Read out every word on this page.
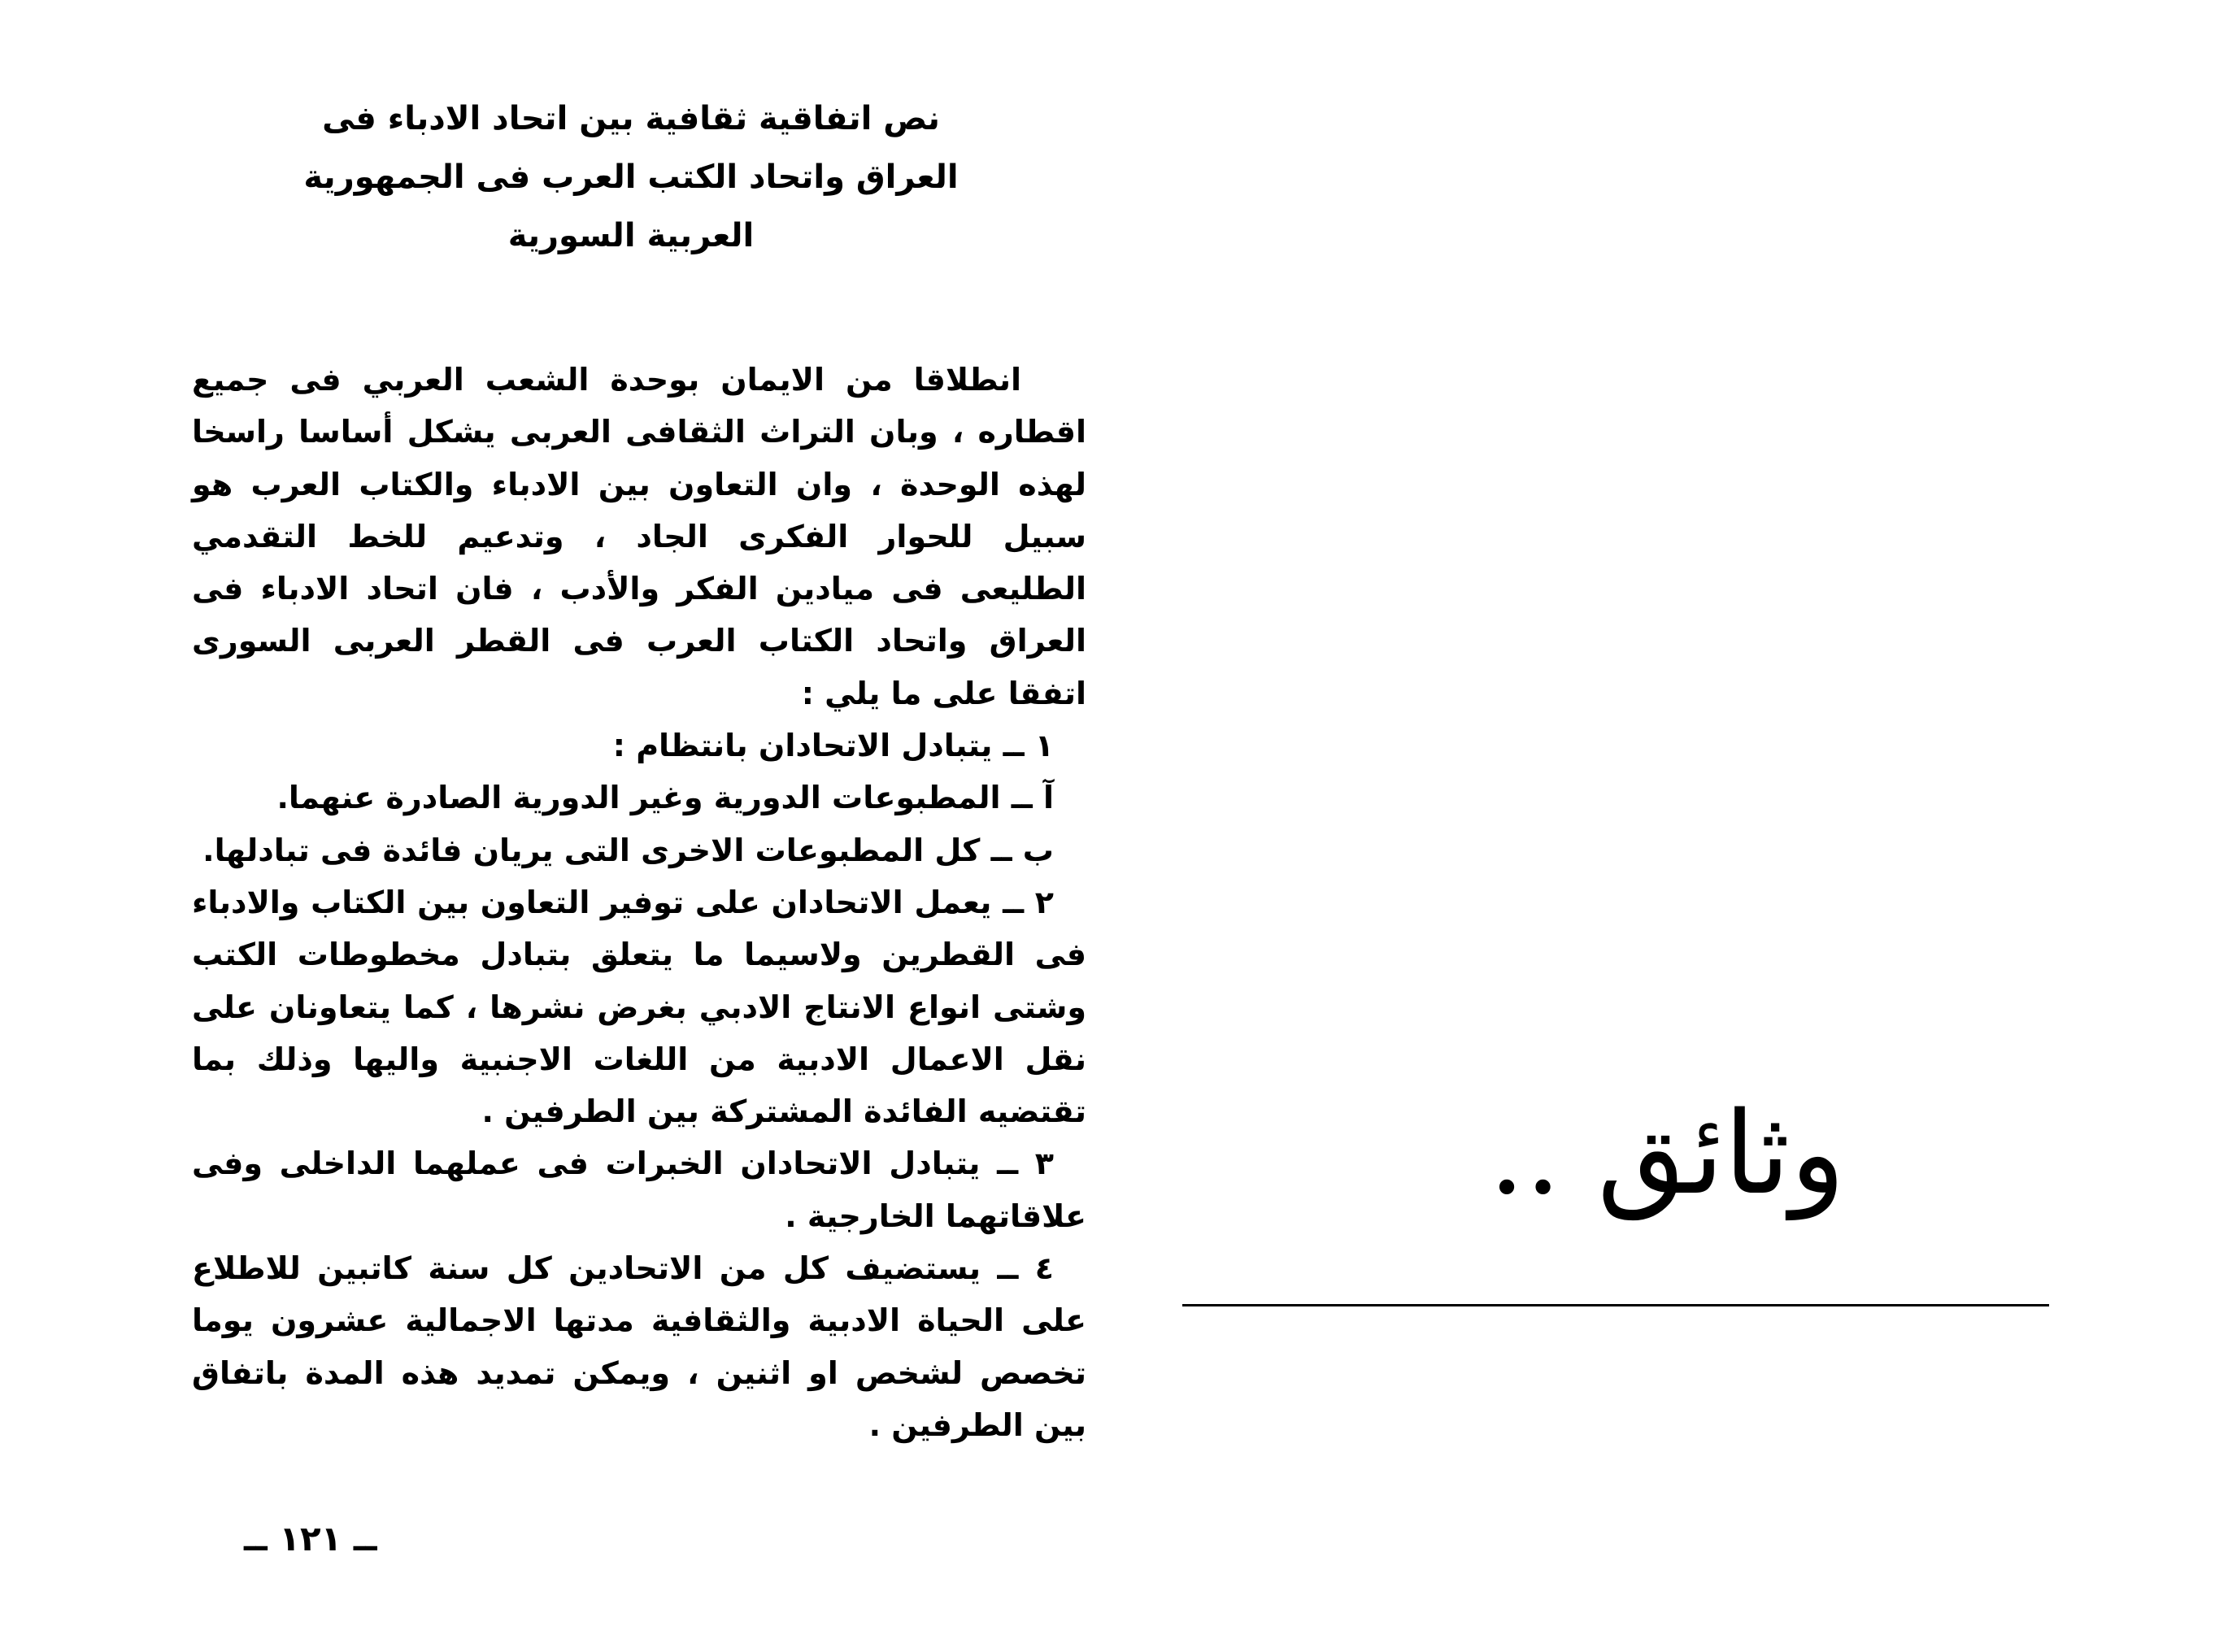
نص اتفاقية ثقافية بين اتحاد الادباء فى العراق واتحاد الكتب العرب فى الجمهورية العربية السورية

انطلاقا من الايمان بوحدة الشعب العربي فى جميع اقطاره ، وبان التراث الثقافى العربى يشكل أساسا راسخا لهذه الوحدة ، وان التعاون بين الادباء والكتاب العرب هو سبيل للحوار الفكرى الجاد ، وتدعيم للخط التقدمي الطليعى فى ميادين الفكر والأدب ، فان اتحاد الادباء فى العراق واتحاد الكتاب العرب فى القطر العربى السورى اتفقا على ما يلي :

١ ــ يتبادل الاتحادان بانتظام :

آ ــ المطبوعات الدورية وغير الدورية الصادرة عنهما.

ب ــ كل المطبوعات الاخرى التى يريان فائدة فى تبادلها.

٢ ــ يعمل الاتحادان على توفير التعاون بين الكتاب والادباء فى القطرين ولاسيما ما يتعلق بتبادل مخطوطات الكتب وشتى انواع الانتاج الادبي بغرض نشرها ، كما يتعاونان على نقل الاعمال الادبية من اللغات الاجنبية واليها وذلك بما تقتضيه الفائدة المشتركة بين الطرفين .

٣ ــ يتبادل الاتحادان الخبرات فى عملهما الداخلى وفى علاقاتهما الخارجية .

٤ ــ يستضيف كل من الاتحادين كل سنة كاتبين للاطلاع على الحياة الادبية والثقافية مدتها الاجمالية عشرون يوما تخصص لشخص او اثنين ، ويمكن تمديد هذه المدة باتفاق بين الطرفين .

ــ ١٢١ ــ
وثائق ..
